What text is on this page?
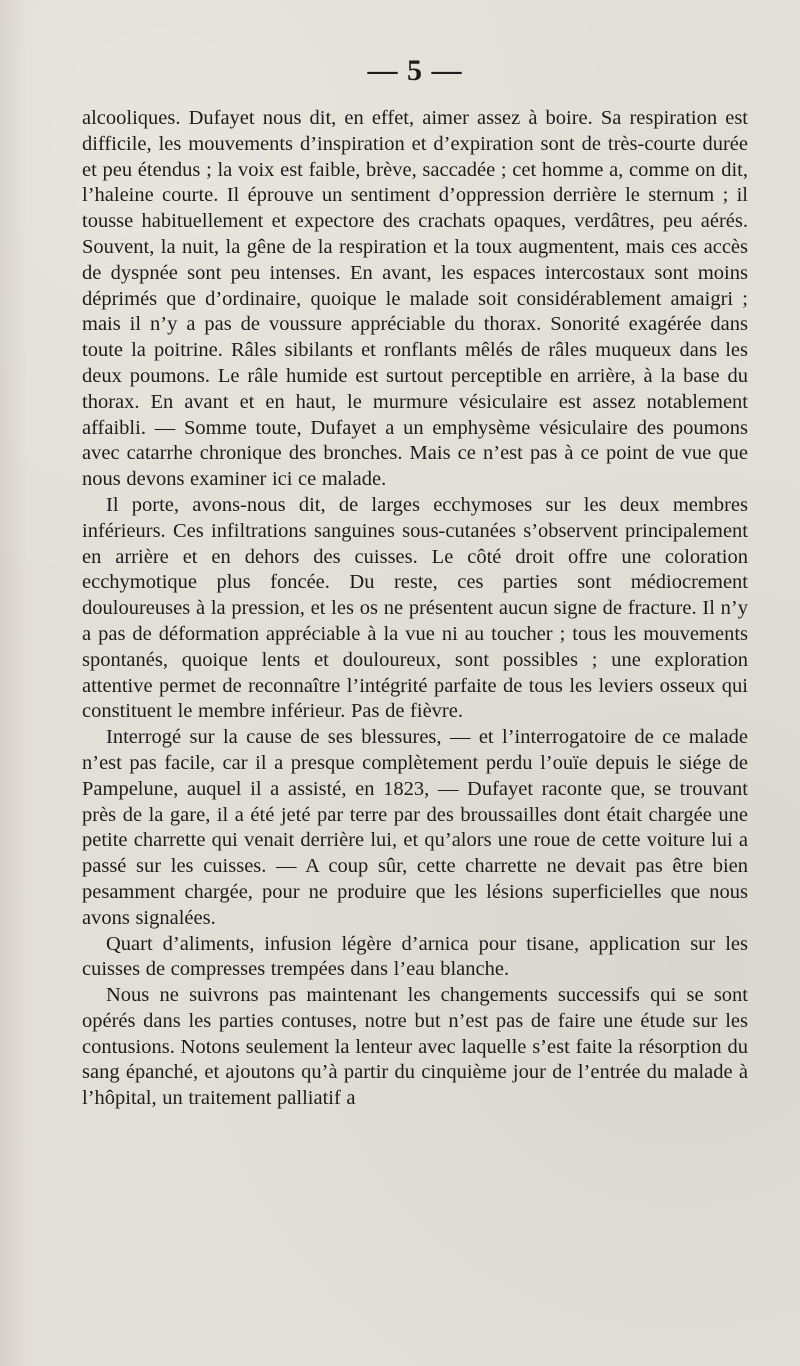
— 5 —

alcooliques. Dufayet nous dit, en effet, aimer assez à boire. Sa respiration est difficile, les mouvements d’inspiration et d’expiration sont de très-courte durée et peu étendus ; la voix est faible, brève, saccadée ; cet homme a, comme on dit, l’haleine courte. Il éprouve un sentiment d’oppression derrière le sternum ; il tousse habituellement et expectore des crachats opaques, verdâtres, peu aérés. Souvent, la nuit, la gêne de la respiration et la toux augmentent, mais ces accès de dyspnée sont peu intenses. En avant, les espaces intercostaux sont moins déprimés que d’ordinaire, quoique le malade soit considérablement amaigri ; mais il n’y a pas de voussure appréciable du thorax. Sonorité exagérée dans toute la poitrine. Râles sibilants et ronflants mêlés de râles muqueux dans les deux poumons. Le râle humide est surtout perceptible en arrière, à la base du thorax. En avant et en haut, le murmure vésiculaire est assez notablement affaibli. — Somme toute, Dufayet a un emphysème vésiculaire des poumons avec catarrhe chronique des bronches. Mais ce n’est pas à ce point de vue que nous devons examiner ici ce malade.

Il porte, avons-nous dit, de larges ecchymoses sur les deux membres inférieurs. Ces infiltrations sanguines sous-cutanées s’observent principalement en arrière et en dehors des cuisses. Le côté droit offre une coloration ecchymotique plus foncée. Du reste, ces parties sont médiocrement douloureuses à la pression, et les os ne présentent aucun signe de fracture. Il n’y a pas de déformation appréciable à la vue ni au toucher ; tous les mouvements spontanés, quoique lents et douloureux, sont possibles ; une exploration attentive permet de reconnaître l’intégrité parfaite de tous les leviers osseux qui constituent le membre inférieur. Pas de fièvre.

Interrogé sur la cause de ses blessures, — et l’interrogatoire de ce malade n’est pas facile, car il a presque complètement perdu l’ouïe depuis le siége de Pampelune, auquel il a assisté, en 1823, — Dufayet raconte que, se trouvant près de la gare, il a été jeté par terre par des broussailles dont était chargée une petite charrette qui venait derrière lui, et qu’alors une roue de cette voiture lui a passé sur les cuisses. — A coup sûr, cette charrette ne devait pas être bien pesamment chargée, pour ne produire que les lésions superficielles que nous avons signalées.

Quart d’aliments, infusion légère d’arnica pour tisane, application sur les cuisses de compresses trempées dans l’eau blanche.

Nous ne suivrons pas maintenant les changements successifs qui se sont opérés dans les parties contuses, notre but n’est pas de faire une étude sur les contusions. Notons seulement la lenteur avec laquelle s’est faite la résorption du sang épanché, et ajoutons qu’à partir du cinquième jour de l’entrée du malade à l’hôpital, un traitement palliatif a
